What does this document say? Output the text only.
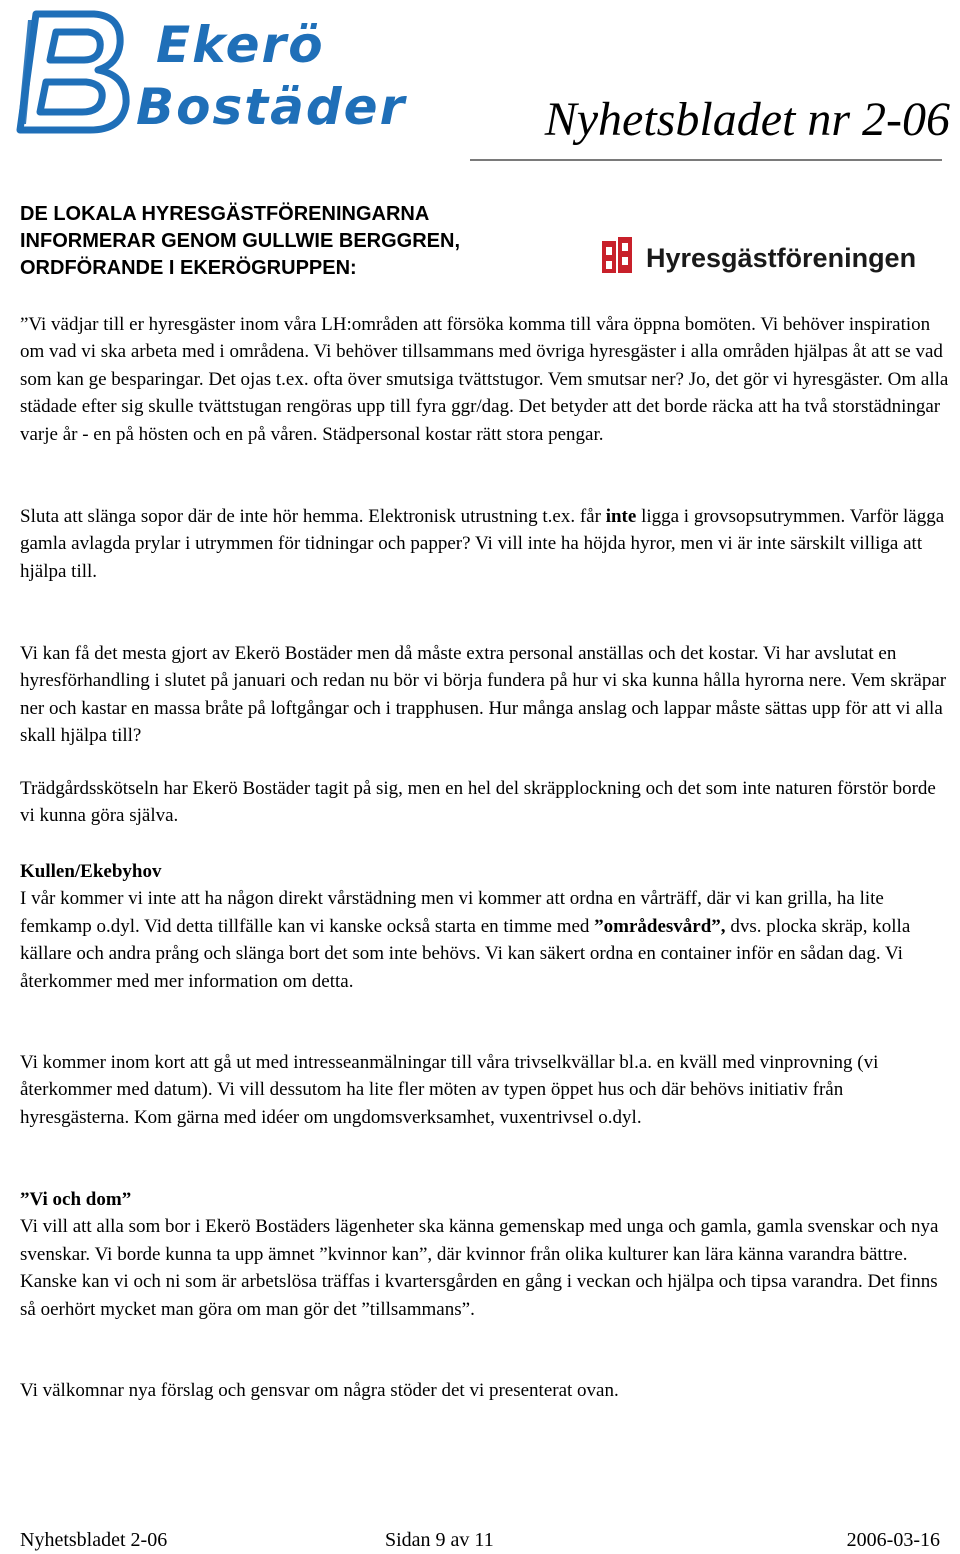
Ekerö
Bostäder	Nyhetsbladet nr 2-06
DE LOKALA HYRESGÄSTFÖRENINGARNA
INFORMERAR GENOM GULLWIE BERGGREN,
ORDFÖRANDE I EKERÖGRUPPEN:	Hyresgästföreningen

”Vi vädjar till er hyresgäster inom våra LH:områden att försöka komma till våra öppna bomöten. Vi behöver inspiration om vad vi ska arbeta med i områdena. Vi behöver tillsammans med övriga hyresgäster i alla områden hjälpas åt att se vad som kan ge besparingar. Det ojas t.ex. ofta över smutsiga tvättstugor. Vem smutsar ner? Jo, det gör vi hyresgäster. Om alla städade efter sig skulle tvättstugan rengöras upp till fyra ggr/dag. Det betyder att det borde räcka att ha två storstädningar varje år - en på hösten och en på våren. Städpersonal kostar rätt stora pengar.

Sluta att slänga sopor där de inte hör hemma. Elektronisk utrustning t.ex. får inte ligga i grovsopsutrymmen. Varför lägga gamla avlagda prylar i utrymmen för tidningar och papper? Vi vill inte ha höjda hyror, men vi är inte särskilt villiga att hjälpa till.

Vi kan få det mesta gjort av Ekerö Bostäder men då måste extra personal anställas och det kostar. Vi har avslutat en hyresförhandling i slutet på januari och redan nu bör vi börja fundera på hur vi ska kunna hålla hyrorna nere. Vem skräpar ner och kastar en massa bråte på loftgångar och i trapphusen. Hur många anslag och lappar måste sättas upp för att vi alla skall hjälpa till?

Trädgårdsskötseln har Ekerö Bostäder tagit på sig, men en hel del skräpplockning och det som inte naturen förstör borde vi kunna göra själva.

Kullen/Ekebyhov

I vår kommer vi inte att ha någon direkt vårstädning men vi kommer att ordna en vårträff, där vi kan grilla, ha lite femkamp o.dyl. Vid detta tillfälle kan vi kanske också starta en timme med ”områdesvård”, dvs. plocka skräp, kolla källare och andra prång och slänga bort det som inte behövs. Vi kan säkert ordna en container inför en sådan dag. Vi återkommer med mer information om detta.

Vi kommer inom kort att gå ut med intresseanmälningar till våra trivselkvällar bl.a. en kväll med vinprovning (vi återkommer med datum). Vi vill dessutom ha lite fler möten av typen öppet hus och där behövs initiativ från hyresgästerna. Kom gärna med idéer om ungdomsverksamhet, vuxentrivsel o.dyl.

”Vi och dom”

Vi vill att alla som bor i Ekerö Bostäders lägenheter ska känna gemenskap med unga och gamla, gamla svenskar och nya svenskar. Vi borde kunna ta upp ämnet ”kvinnor kan”, där kvinnor från olika kulturer kan lära känna varandra bättre. Kanske kan vi och ni som är arbetslösa träffas i kvartersgården en gång i veckan och hjälpa och tipsa varandra. Det finns så oerhört mycket man göra om man gör det ”tillsammans”.

Vi välkomnar nya förslag och gensvar om några stöder det vi presenterat ovan.

Nyhetsbladet 2-06	Sidan 9 av 11	2006-03-16
